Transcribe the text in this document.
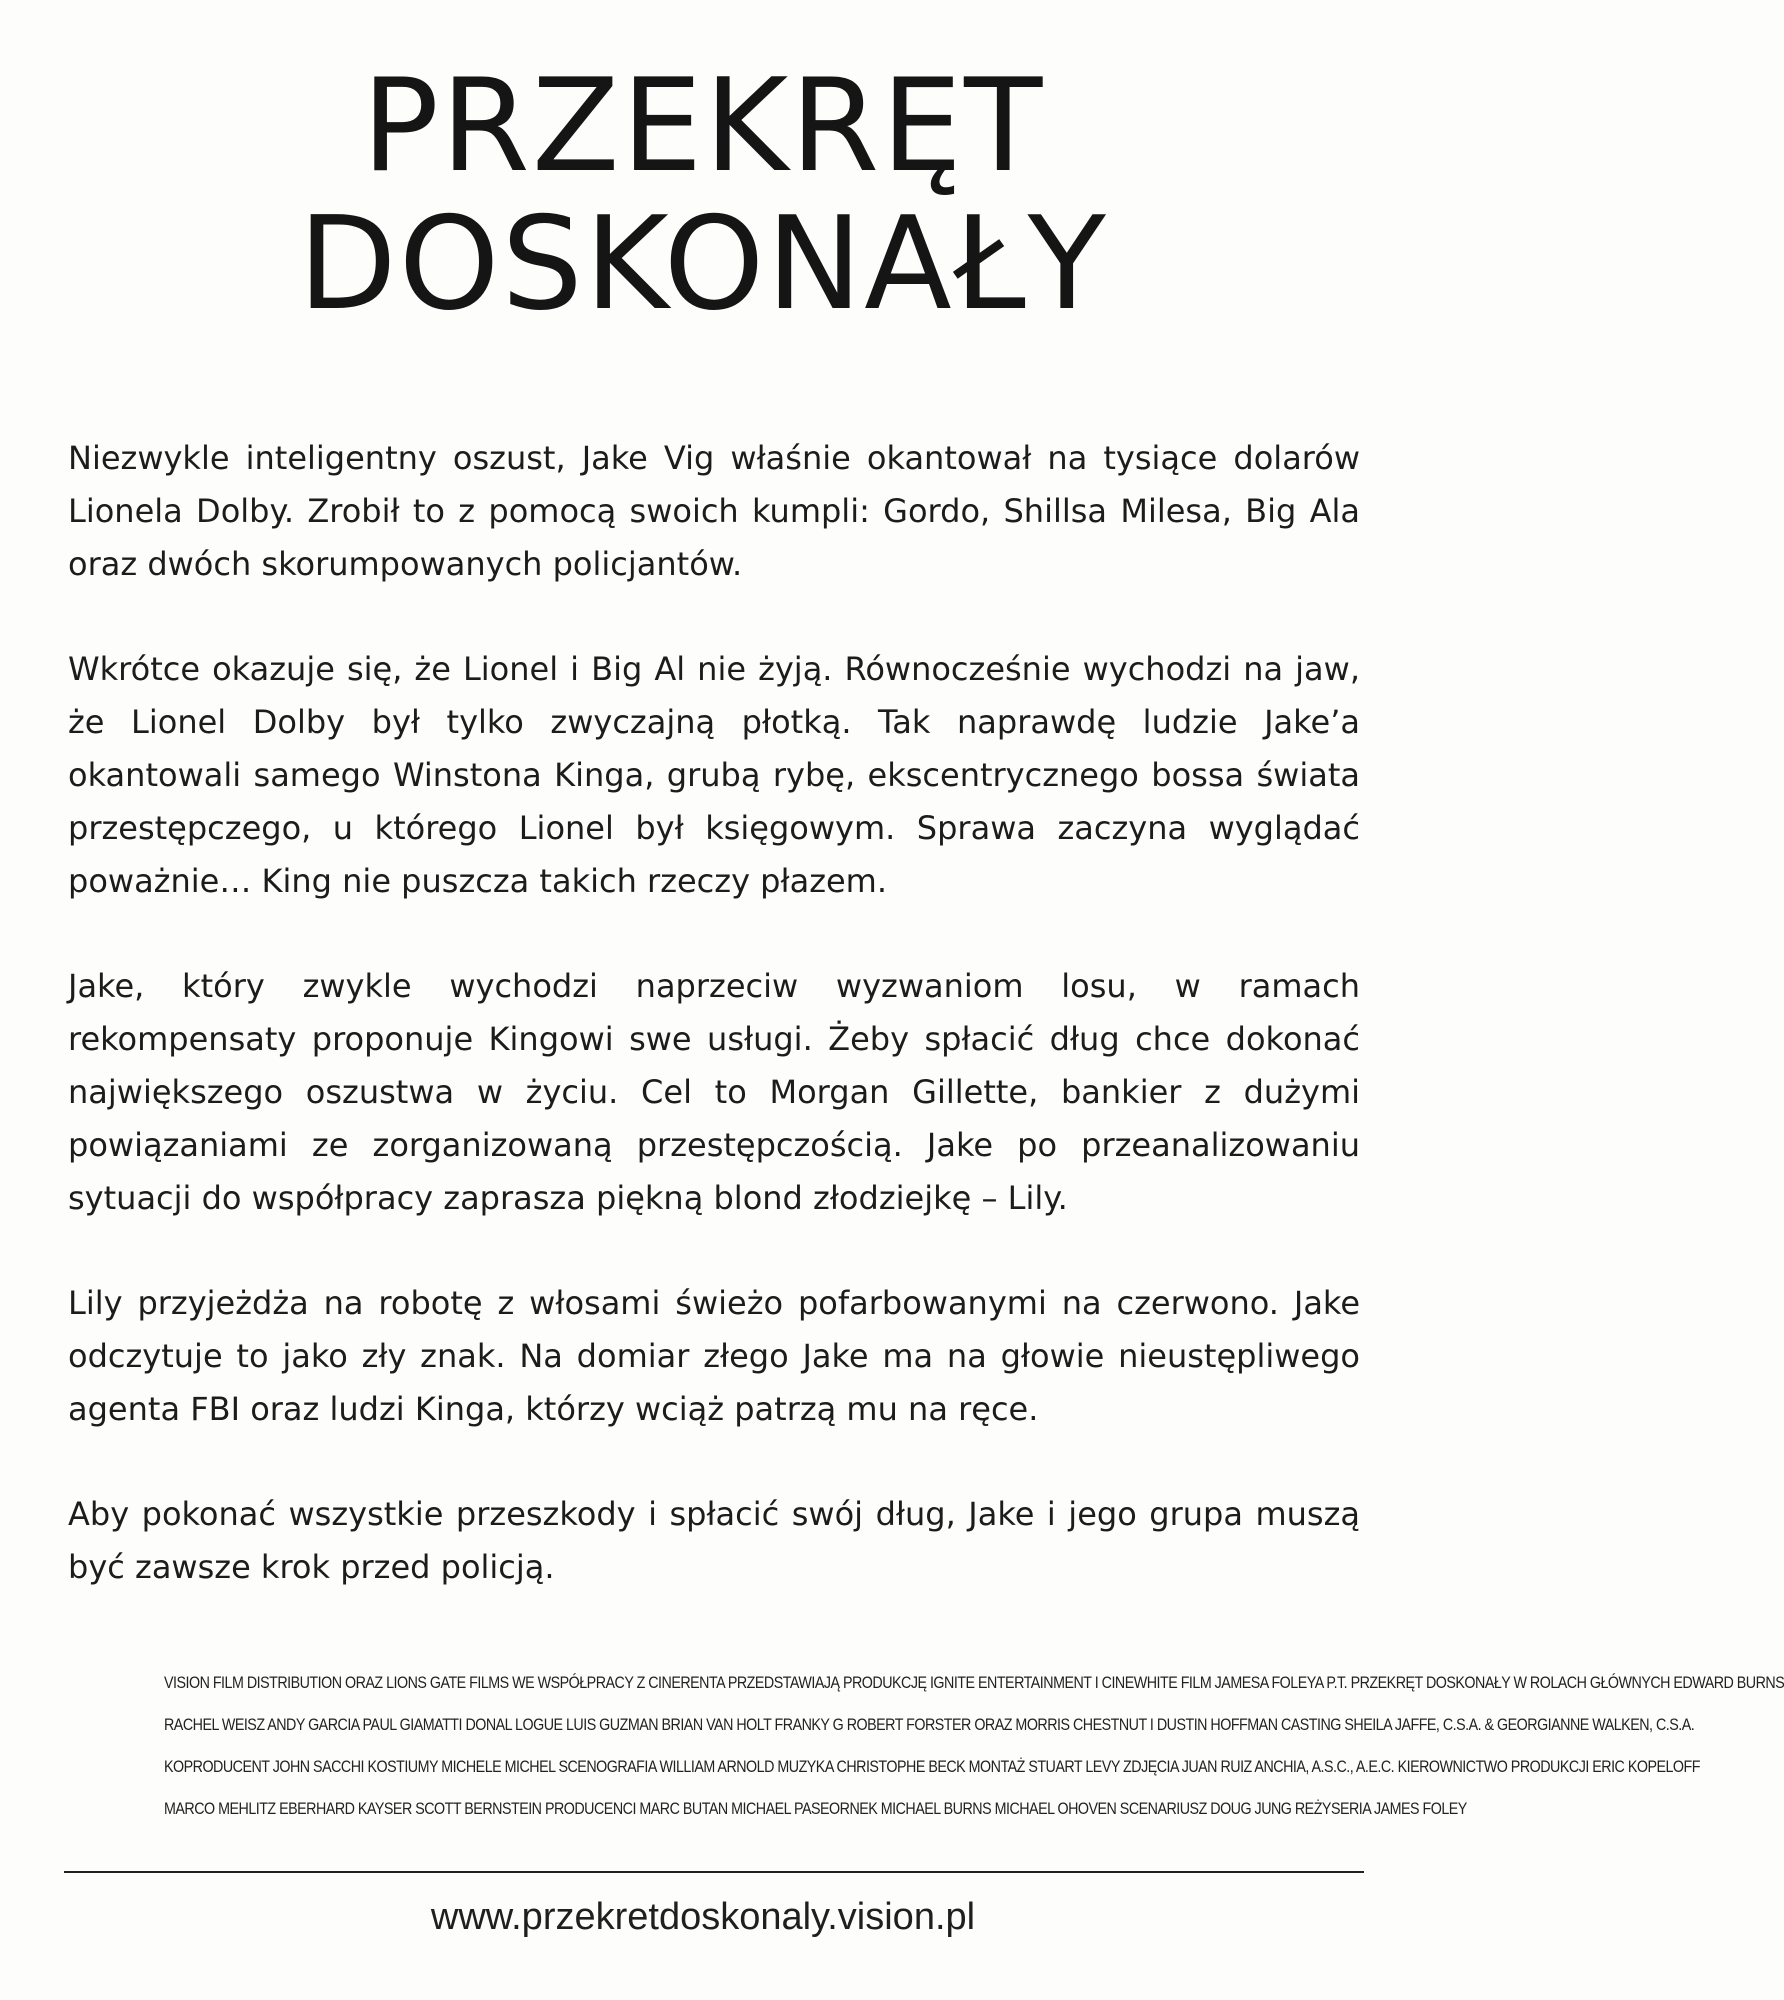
PRZEKRĘT
DOSKONAŁY

Niezwykle inteligentny oszust, Jake Vig właśnie okantował na tysiące dolarów Lionela Dolby. Zrobił to z pomocą swoich kumpli: Gordo, Shillsa Milesa, Big Ala oraz dwóch skorumpowanych policjantów.

Wkrótce okazuje się, że Lionel i Big Al nie żyją. Równocześnie wychodzi na jaw, że Lionel Dolby był tylko zwyczajną płotką. Tak naprawdę ludzie Jake’a okantowali samego Winstona Kinga, grubą rybę, ekscentrycznego bossa świata przestępczego, u którego Lionel był księgowym. Sprawa zaczyna wyglądać poważnie… King nie puszcza takich rzeczy płazem.

Jake, który zwykle wychodzi naprzeciw wyzwaniom losu, w ramach rekompensaty proponuje Kingowi swe usługi. Żeby spłacić dług chce dokonać największego oszustwa w życiu. Cel to Morgan Gillette, bankier z dużymi powiązaniami ze zorganizowaną przestępczością. Jake po przeanalizowaniu sytuacji do współpracy zaprasza piękną blond złodziejkę – Lily.

Lily przyjeżdża na robotę z włosami świeżo pofarbowanymi na czerwono. Jake odczytuje to jako zły znak. Na domiar złego Jake ma na głowie nieustępliwego agenta FBI oraz ludzi Kinga, którzy wciąż patrzą mu na ręce.

Aby pokonać wszystkie przeszkody i spłacić swój dług, Jake i jego grupa muszą być zawsze krok przed policją.

VISION FILM DISTRIBUTION ORAZ LIONS GATE FILMS WE WSPÓŁPRACY Z CINERENTA PRZEDSTAWIAJĄ PRODUKCJĘ IGNITE ENTERTAINMENT I CINEWHITE FILM JAMESA FOLEYA P.T. PRZEKRĘT DOSKONAŁY W ROLACH GŁÓWNYCH EDWARD BURNS
RACHEL WEISZ ANDY GARCIA PAUL GIAMATTI DONAL LOGUE LUIS GUZMAN BRIAN VAN HOLT FRANKY G ROBERT FORSTER ORAZ MORRIS CHESTNUT I DUSTIN HOFFMAN CASTING SHEILA JAFFE, C.S.A. & GEORGIANNE WALKEN, C.S.A.
KOPRODUCENT JOHN SACCHI KOSTIUMY MICHELE MICHEL SCENOGRAFIA WILLIAM ARNOLD MUZYKA CHRISTOPHE BECK MONTAŻ STUART LEVY ZDJĘCIA JUAN RUIZ ANCHIA, A.S.C., A.E.C. KIEROWNICTWO PRODUKCJI ERIC KOPELOFF
MARCO MEHLITZ EBERHARD KAYSER SCOTT BERNSTEIN PRODUCENCI MARC BUTAN MICHAEL PASEORNEK MICHAEL BURNS MICHAEL OHOVEN SCENARIUSZ DOUG JUNG REŻYSERIA JAMES FOLEY
www.przekretdoskonaly.vision.pl
